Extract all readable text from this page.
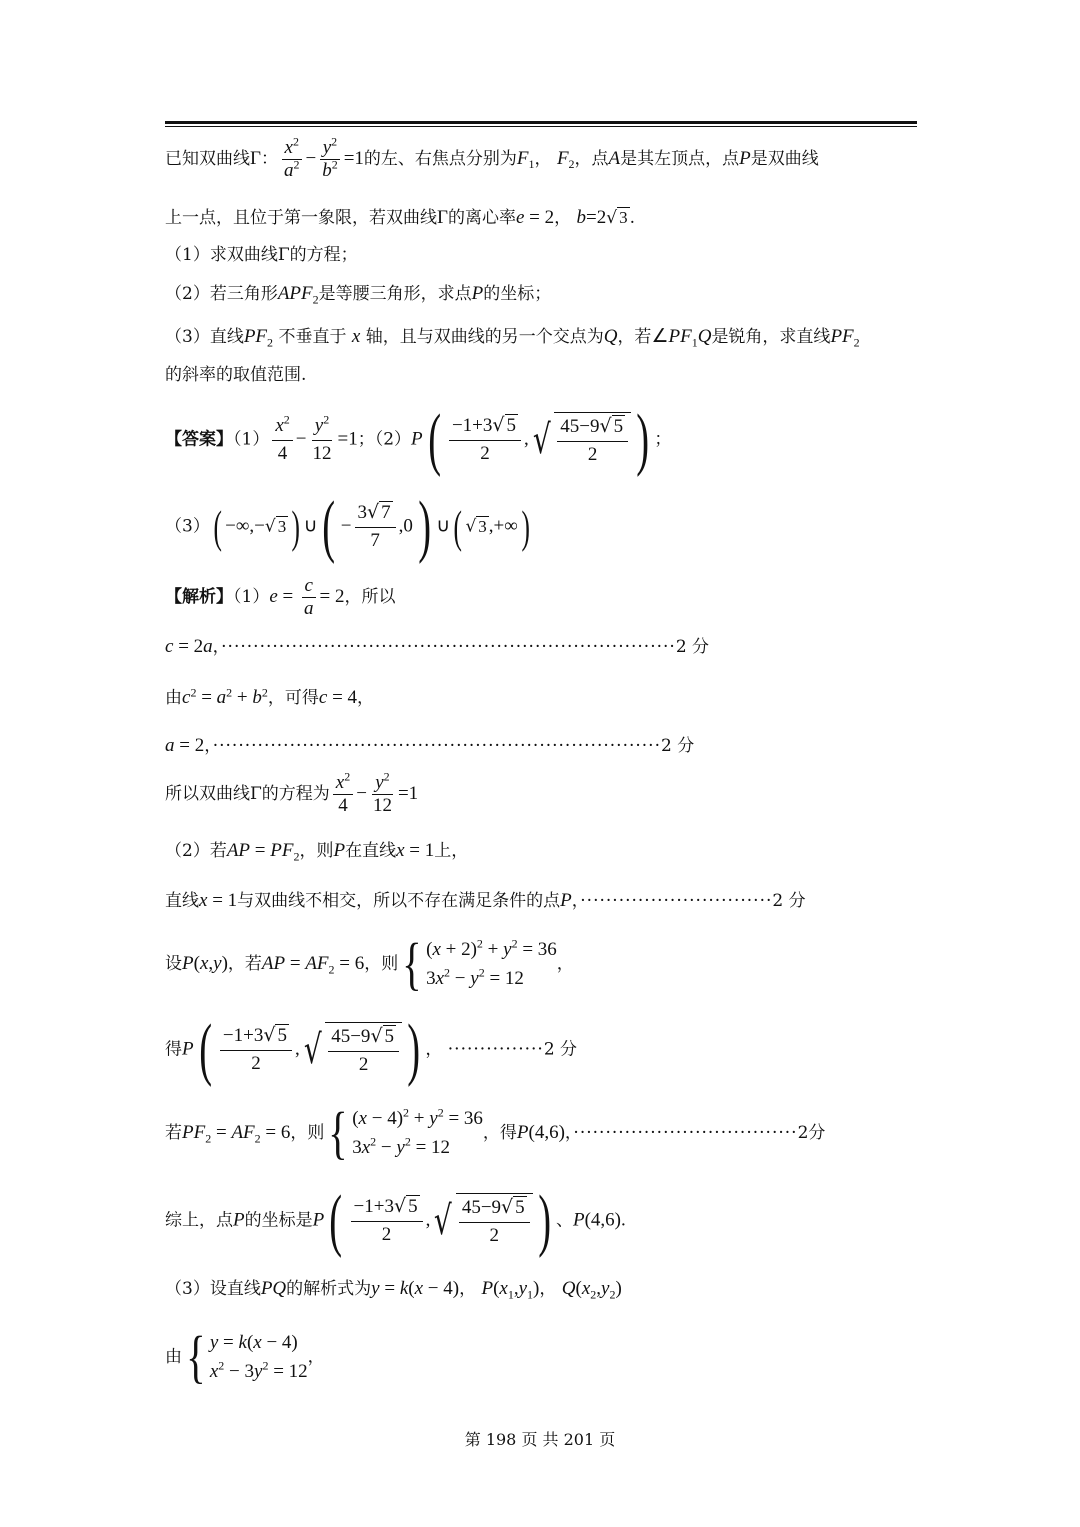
已知双曲线Γ： $\frac{x^2}{a^2} - \frac{y^2}{b^2} =1$的左、右焦点分别为$F_1$， $F_2$，点A是其左顶点，点P是双曲线
上一点，且位于第一象限，若双曲线Γ的离心率e = 2， b=2√ 3 .
（1）求双曲线Γ的方程；
（2）若三角形$APF_2$是等腰三角形，求点P的坐标；
（3）直线$PF_2$ 不垂直于 x 轴，且与双曲线的另一个交点为Q，若$\angle PF_1Q$是锐角，求直线$PF_2$
的斜率的取值范围.
【答案】$(1) \frac{x^2}{4} - \frac{y^2}{12} =1$；$(2)P( \frac{-1+3√ 5}{2}$ , √ $\frac{45-9√ 5}{2}$ ) ；
（3）( −∞,−√ 3 ) ∪( − $\frac{3√ 7}{7} ,0$) ∪( √ 3 ,+∞)
【解析】$(1)e = \frac{c}{a} = 2$，所以
c = 2a，·······································································2 分
由$c^2 = a^2 + b^2$，可得c = 4，
a = 2，······································································2 分
所以双曲线Γ的方程为 $\frac{x^2}{4} - \frac{y^2}{12} =1$
（2）若AP = $PF_2$，则P在直线x = 1上，
直线x = 1与双曲线不相交，所以不存在满足条件的点P，······························2 分
设P(x,y)，若AP = $AF_2 = 6$，则{ $(x + 2)^2 + y^2 = 36$
$3x^2 - y^2 = 12$
，
得$P( \frac{-1+3√ 5}{2}$ , √ $\frac{45-9√ 5}{2}$ ) ， ···············2 分
若$PF_2 = AF_2 = 6$，则{ $(x - 4)^2 + y^2 = 36$
$3x^2 - y^2 = 12$
，得P(4,6)，···································2分
综上，点P的坐标是$P( \frac{-1+3√ 5}{2}$ , √ $\frac{45-9√ 5}{2}$ ) 、P(4,6).
（3）设直线PQ的解析式为y = k(x − 4)， $P(x_1,y_1)$， $Q(x_2,y_2)$
由{ y = k(x − 4)
$x^2 - 3y^2 = 12$
，
第 198 页 共 201 页
